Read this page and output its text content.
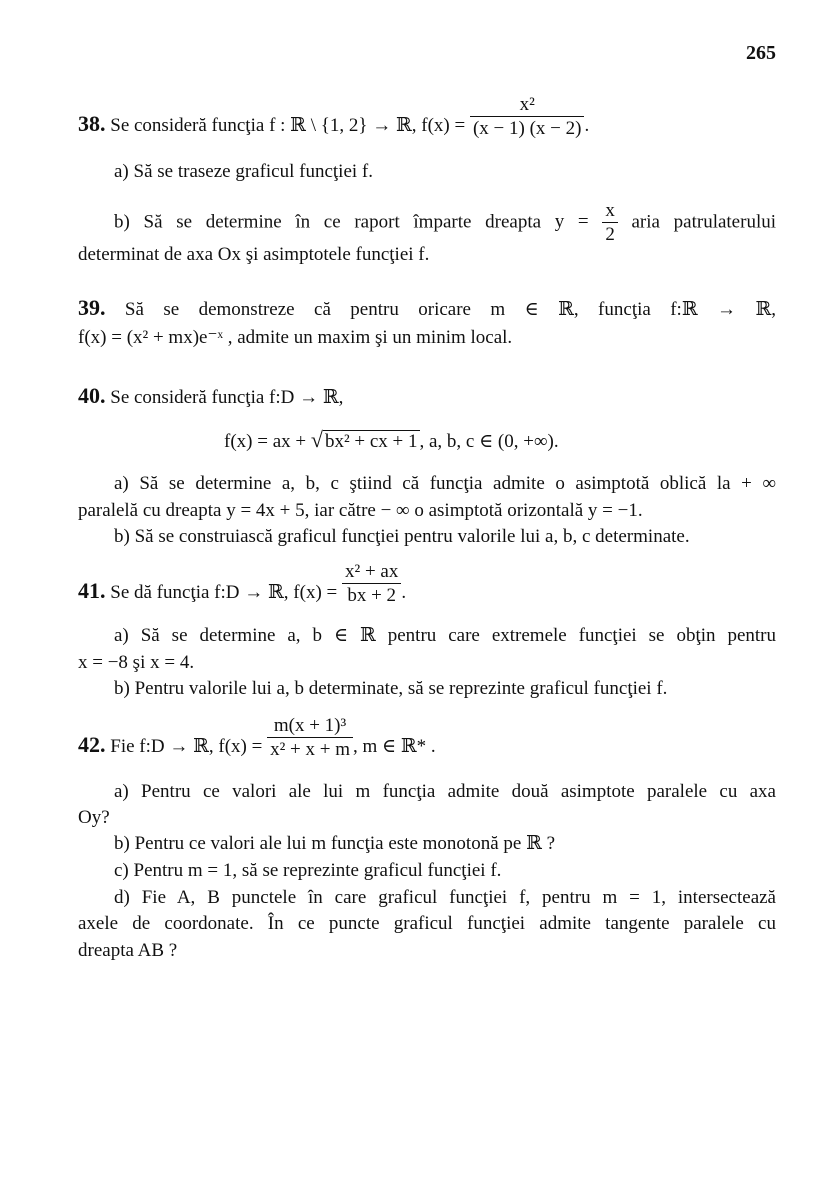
265
38. Se consideră funcţia f : ℝ \ {1, 2} → ℝ, $f(x) = \frac{\text{x²}}{(x - 1) (x - 2)}$ .
a) Să se traseze graficul funcţiei f.
b) Să se determine în ce raport împarte dreapta $y = \frac{x}{2}$ aria patrulaterului
determinat de axa Ox şi asimptotele funcţiei f.
39. Să se demonstreze că pentru oricare m ∈ ℝ, funcţia f:ℝ → ℝ,
f(x) = (x² + mx)e⁻ˣ , admite un maxim şi un minim local.
40. Se consideră funcţia f:D → ℝ,
f(x) = ax + √ bx² + cx + 1 , a, b, c ∈ (0, +∞).
a) Să se determine a, b, c ştiind că funcţia admite o asimptotă oblică la + ∞
paralelă cu dreapta y = 4x + 5, iar către − ∞ o asimptotă orizontală y = −1.
b) Să se construiască graficul funcţiei pentru valorile lui a, b, c determinate.
41. Se dă funcţia f:D → ℝ, $f(x) = \frac{\text{x² + ax}}{bx + 2}$ .
a) Să se determine a, b ∈ ℝ pentru care extremele funcţiei se obţin pentru
x = −8 şi x = 4.
b) Pentru valorile lui a, b determinate, să se reprezinte graficul funcţiei f.
42. Fie f:D → ℝ, $f(x) = \frac{\text{m(x + 1)³}}{\text{x² + x + m}}$ , m ∈ ℝ* .
a) Pentru ce valori ale lui m funcţia admite două asimptote paralele cu axa
Oy?
b) Pentru ce valori ale lui m funcţia este monotonă pe ℝ ?
c) Pentru m = 1, să se reprezinte graficul funcţiei f.
d) Fie A, B punctele în care graficul funcţiei f, pentru m = 1, intersectează
axele de coordonate. În ce puncte graficul funcţiei admite tangente paralele cu
dreapta AB ?
